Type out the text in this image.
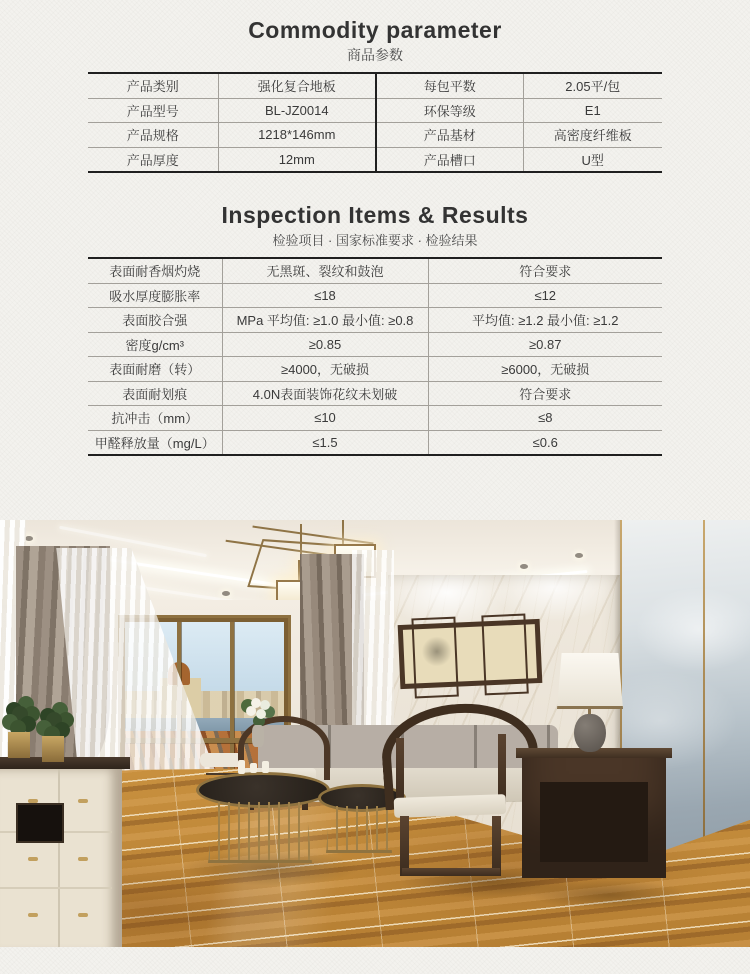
Commodity parameter
商品参数
产品类别	强化复合地板	每包平数	2.05平/包
产品型号	BL-JZ0014	环保等级	E1
产品规格	1218*146mm	产品基材	高密度纤维板
产品厚度	12mm	产品槽口	U型
Inspection Items & Results
检验项目 · 国家标准要求 · 检验结果
表面耐香烟灼烧	无黑斑、裂纹和鼓泡	符合要求
吸水厚度膨胀率	≤18	≤12
表面胶合强	MPa 平均值: ≥1.0 最小值: ≥0.8	平均值: ≥1.2 最小值: ≥1.2
密度g/cm³	≥0.85	≥0.87
表面耐磨（转）	≥4000，无破损	≥6000，无破损
表面耐划痕	4.0N表面装饰花纹未划破	符合要求
抗冲击（mm）	≤10	≤8
甲醛释放量（mg/L）	≤1.5	≤0.6
